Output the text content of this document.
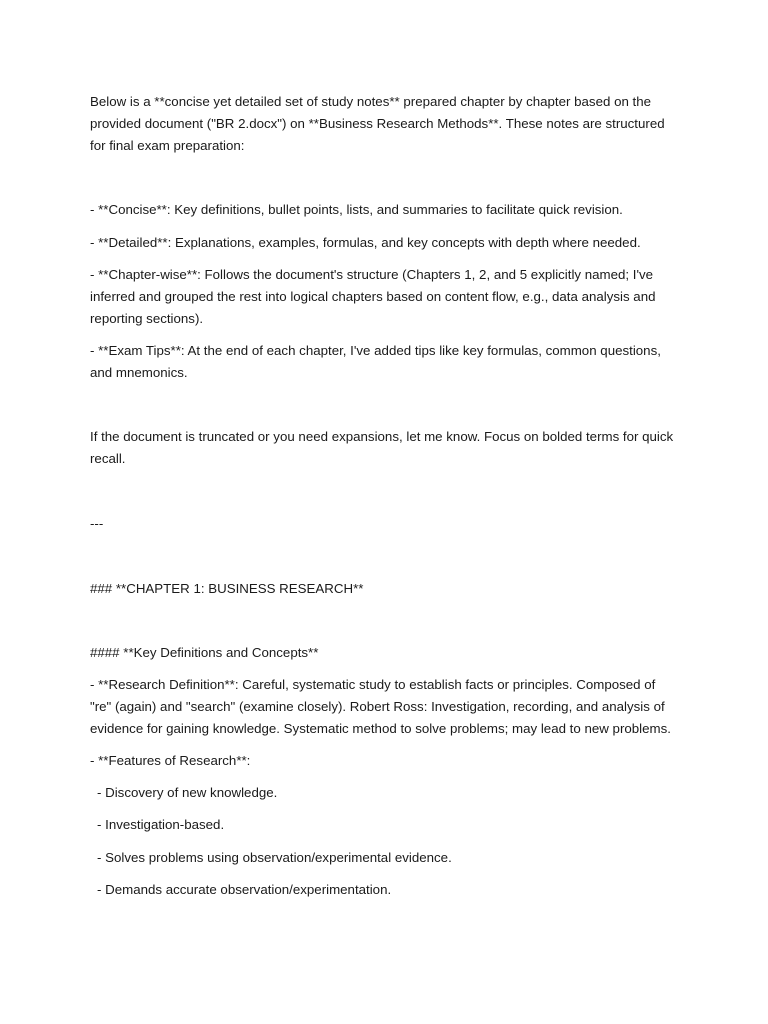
Below is a **concise yet detailed set of study notes** prepared chapter by chapter based on the provided document ("BR 2.docx") on **Business Research Methods**. These notes are structured for final exam preparation:

- **Concise**: Key definitions, bullet points, lists, and summaries to facilitate quick revision.

- **Detailed**: Explanations, examples, formulas, and key concepts with depth where needed.

- **Chapter-wise**: Follows the document's structure (Chapters 1, 2, and 5 explicitly named; I've inferred and grouped the rest into logical chapters based on content flow, e.g., data analysis and reporting sections).

- **Exam Tips**: At the end of each chapter, I've added tips like key formulas, common questions, and mnemonics.

If the document is truncated or you need expansions, let me know. Focus on bolded terms for quick recall.

---

### **CHAPTER 1: BUSINESS RESEARCH**

#### **Key Definitions and Concepts**

- **Research Definition**: Careful, systematic study to establish facts or principles. Composed of "re" (again) and "search" (examine closely). Robert Ross: Investigation, recording, and analysis of evidence for gaining knowledge. Systematic method to solve problems; may lead to new problems.

- **Features of Research**:

- Discovery of new knowledge.

- Investigation-based.

- Solves problems using observation/experimental evidence.

- Demands accurate observation/experimentation.
